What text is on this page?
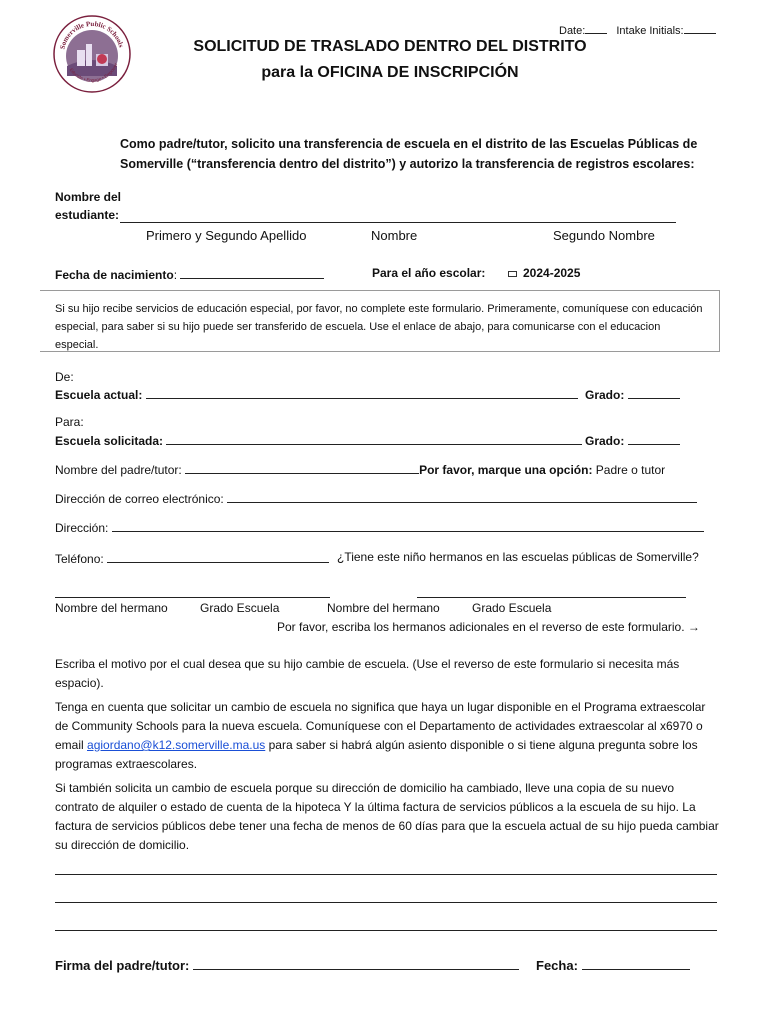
Date:	Intake Initials:
Somerville Public Schools
Educate • Engage • Empower
SOLICITUD DE TRASLADO DENTRO DEL DISTRITO
para la OFICINA DE INSCRIPCIÓN
Como padre/tutor, solicito una transferencia de escuela en el distrito de las Escuelas Públicas de Somerville (“transferencia dentro del distrito”) y autorizo la transferencia de registros escolares:
Nombre del
estudiante:
Primero y Segundo Apellido	Nombre	Segundo Nombre
Fecha de nacimiento:	Para el año escolar:	2024-2025
Si su hijo recibe servicios de educación especial, por favor, no complete este formulario. Primeramente, comuníquese con educación especial, para saber si su hijo puede ser transferido de escuela. Use el enlace de abajo, para comunicarse con el educacion especial.
De:
Escuela actual:	Grado:
Para:
Escuela solicitada:	Grado:
Nombre del padre/tutor:	Por favor, marque una opción: Padre o tutor
Dirección de correo electrónico:
Dirección:
Teléfono:	¿Tiene este niño hermanos en las escuelas públicas de Somerville?
Nombre del hermano	Grado Escuela	Nombre del hermano	Grado Escuela
Por favor, escriba los hermanos adicionales en el reverso de este formulario. →
Escriba el motivo por el cual desea que su hijo cambie de escuela. (Use el reverso de este formulario si necesita más espacio).
Tenga en cuenta que solicitar un cambio de escuela no significa que haya un lugar disponible en el Programa extraescolar de Community Schools para la nueva escuela. Comuníquese con el Departamento de actividades extraescolar al x6970 o email agiordano@k12.somerville.ma.us para saber si habrá algún asiento disponible o si tiene alguna pregunta sobre los programas extraescolares.
Si también solicita un cambio de escuela porque su dirección de domicilio ha cambiado, lleve una copia de su nuevo contrato de alquiler o estado de cuenta de la hipoteca Y la última factura de servicios públicos a la escuela de su hijo. La factura de servicios públicos debe tener una fecha de menos de 60 días para que la escuela actual de su hijo pueda cambiar su dirección de domicilio.
Firma del padre/tutor:	Fecha:
